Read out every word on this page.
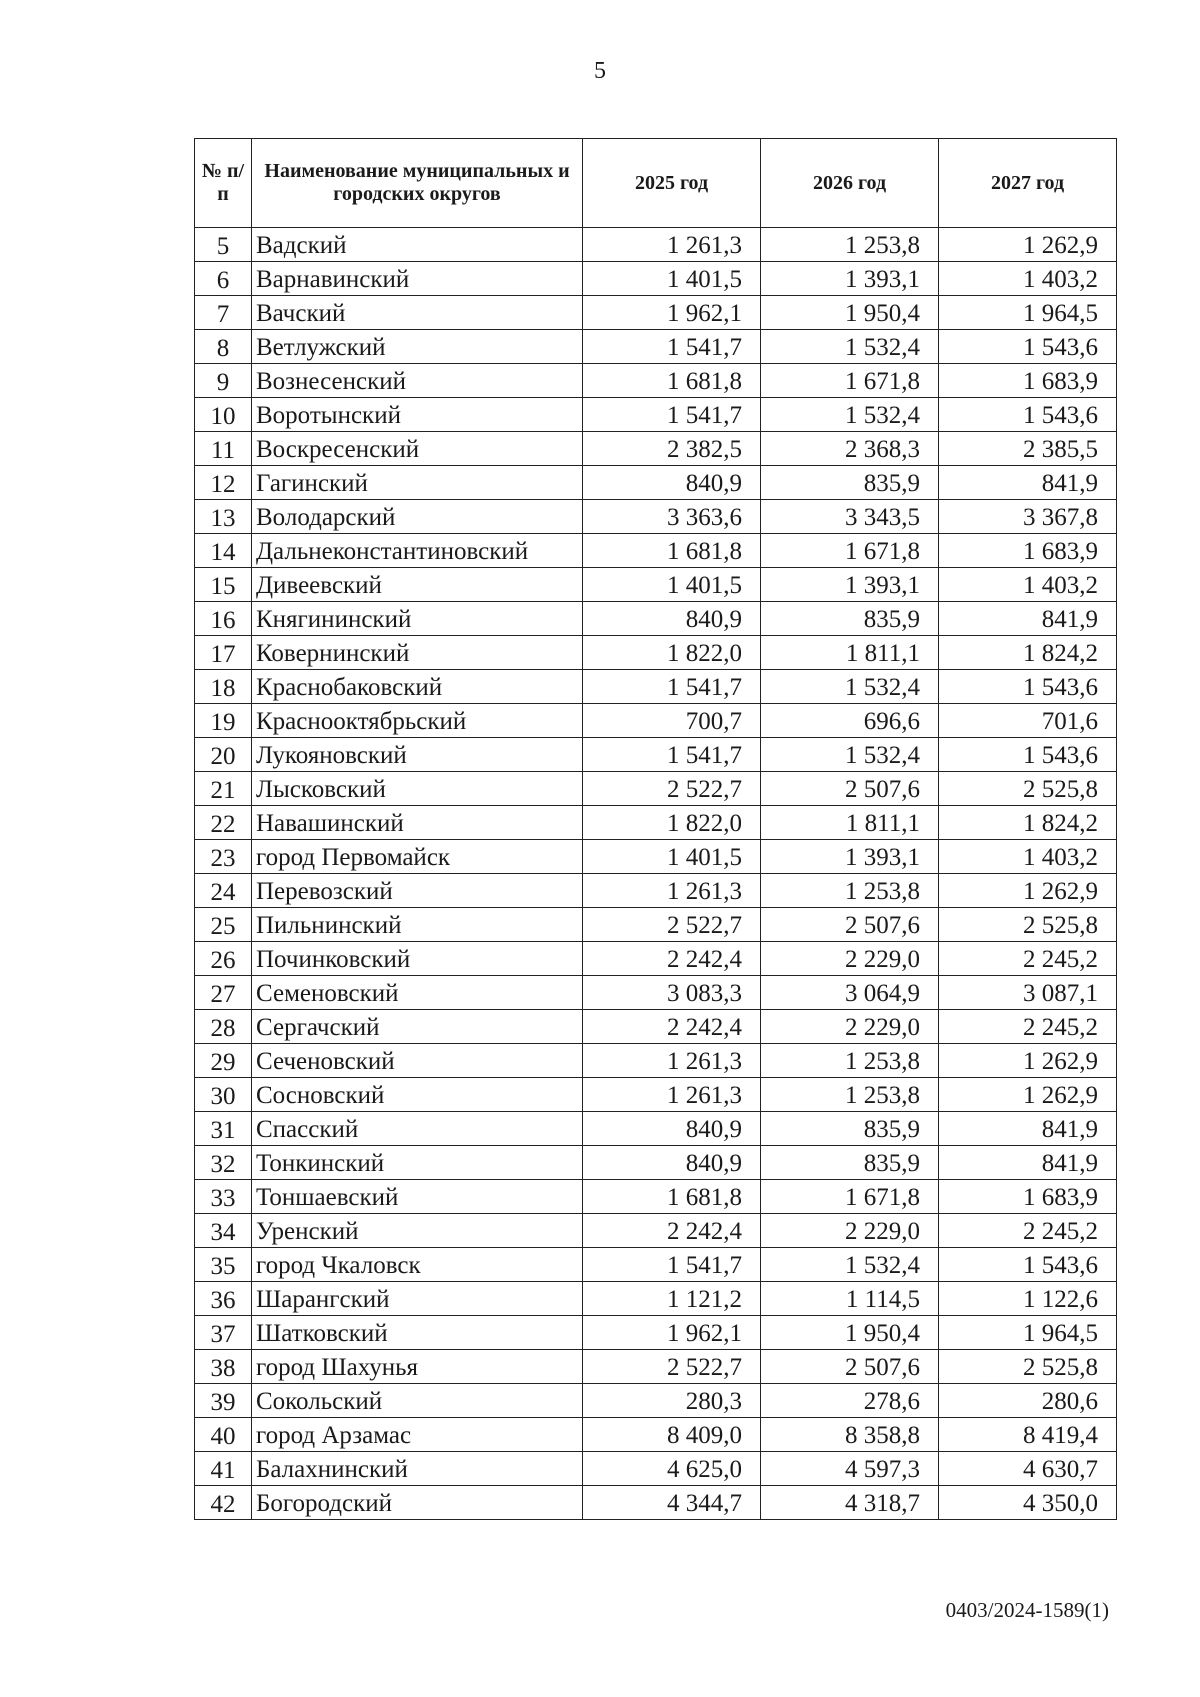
5
№ п/п	Наименование муниципальных и городских округов	2025 год	2026 год	2027 год
5	Вадский	1 261,3	1 253,8	1 262,9
6	Варнавинский	1 401,5	1 393,1	1 403,2
7	Вачский	1 962,1	1 950,4	1 964,5
8	Ветлужский	1 541,7	1 532,4	1 543,6
9	Вознесенский	1 681,8	1 671,8	1 683,9
10	Воротынский	1 541,7	1 532,4	1 543,6
11	Воскресенский	2 382,5	2 368,3	2 385,5
12	Гагинский	840,9	835,9	841,9
13	Володарский	3 363,6	3 343,5	3 367,8
14	Дальнеконстантиновский	1 681,8	1 671,8	1 683,9
15	Дивеевский	1 401,5	1 393,1	1 403,2
16	Княгининский	840,9	835,9	841,9
17	Ковернинский	1 822,0	1 811,1	1 824,2
18	Краснобаковский	1 541,7	1 532,4	1 543,6
19	Краснооктябрьский	700,7	696,6	701,6
20	Лукояновский	1 541,7	1 532,4	1 543,6
21	Лысковский	2 522,7	2 507,6	2 525,8
22	Навашинский	1 822,0	1 811,1	1 824,2
23	город Первомайск	1 401,5	1 393,1	1 403,2
24	Перевозский	1 261,3	1 253,8	1 262,9
25	Пильнинский	2 522,7	2 507,6	2 525,8
26	Починковский	2 242,4	2 229,0	2 245,2
27	Семеновский	3 083,3	3 064,9	3 087,1
28	Сергачский	2 242,4	2 229,0	2 245,2
29	Сеченовский	1 261,3	1 253,8	1 262,9
30	Сосновский	1 261,3	1 253,8	1 262,9
31	Спасский	840,9	835,9	841,9
32	Тонкинский	840,9	835,9	841,9
33	Тоншаевский	1 681,8	1 671,8	1 683,9
34	Уренский	2 242,4	2 229,0	2 245,2
35	город Чкаловск	1 541,7	1 532,4	1 543,6
36	Шарангский	1 121,2	1 114,5	1 122,6
37	Шатковский	1 962,1	1 950,4	1 964,5
38	город Шахунья	2 522,7	2 507,6	2 525,8
39	Сокольский	280,3	278,6	280,6
40	город Арзамас	8 409,0	8 358,8	8 419,4
41	Балахнинский	4 625,0	4 597,3	4 630,7
42	Богородский	4 344,7	4 318,7	4 350,0
0403/2024-1589(1)
